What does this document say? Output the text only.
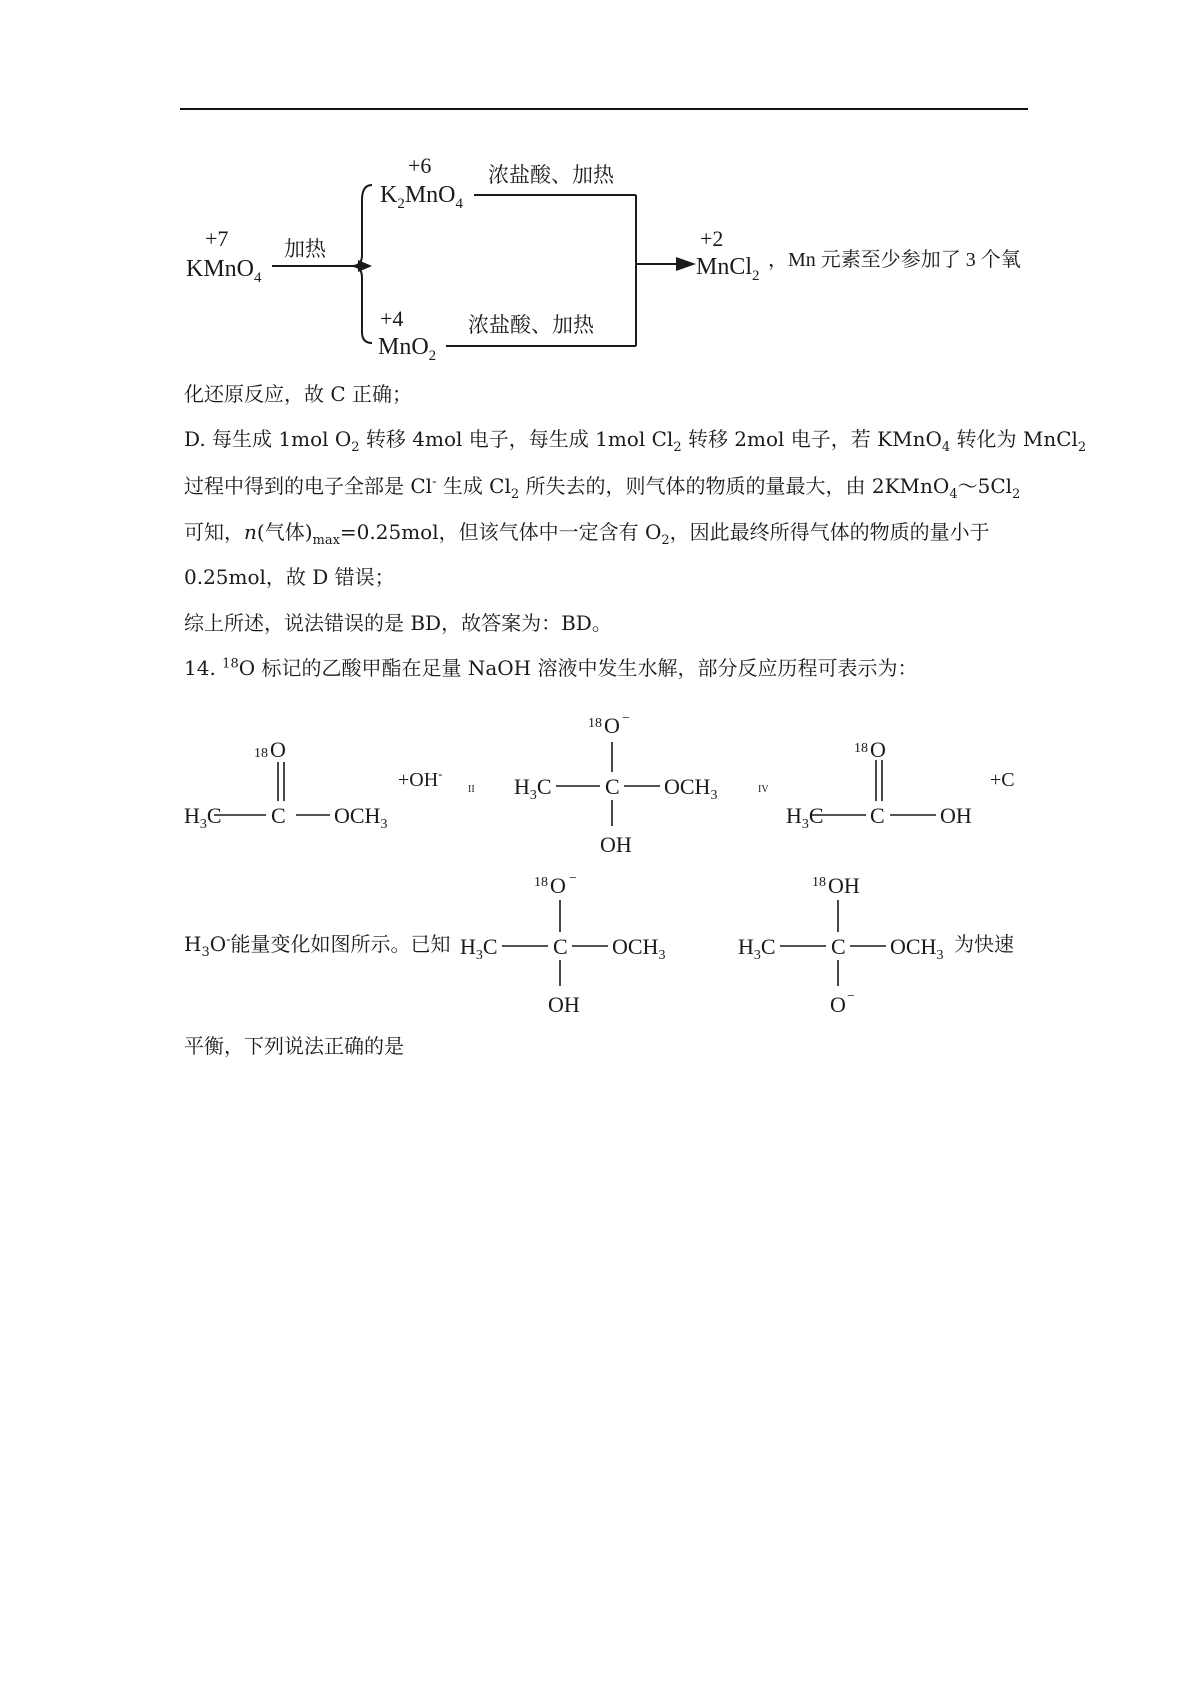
+7
KMnO$_4$
加热
+6
$K_2MnO_4$
浓盐酸、加热
+4
MnO$_2$
浓盐酸、加热
+2
MnCl$_2$
，Mn 元素至少参加了 3 个氧
化还原反应，故 C 正确；
D. 每生成 1mol $O_2$ 转移 4mol 电子，每生成 1mol $Cl_2$ 转移 2mol 电子，若 KMnO$_4$ 转化为 MnCl$_2$
过程中得到的电子全部是 Cl- 生成 $Cl_2$ 所失去的，则气体的物质的量最大，由 $2KMnO_4\sim 5Cl_2$
可知，n(气体)$_{max}=0.25mol$，但该气体中一定含有 $O_2$，因此最终所得气体的物质的量小于
0.25mol，故 D 错误；
综上所述，说法错误的是 BD，故答案为：BD。
14. $^{18}$O 标记的乙酸甲酯在足量 NaOH 溶液中发生水解，部分反应历程可表示为：
18 O
$H_3C$ C $OCH_3$
+OH-
II
18 O −
$H_3C$ C $OCH_3$
OH
IV
18 O
$H_3C$ C	OH
+C
18 O −
$H_3C$	C $OCH_3$
OH
18 OH
$H_3C$	C $OCH_3$
O −
$H_3O^-$能量变化如图所示。已知	为快速
平衡，下列说法正确的是
